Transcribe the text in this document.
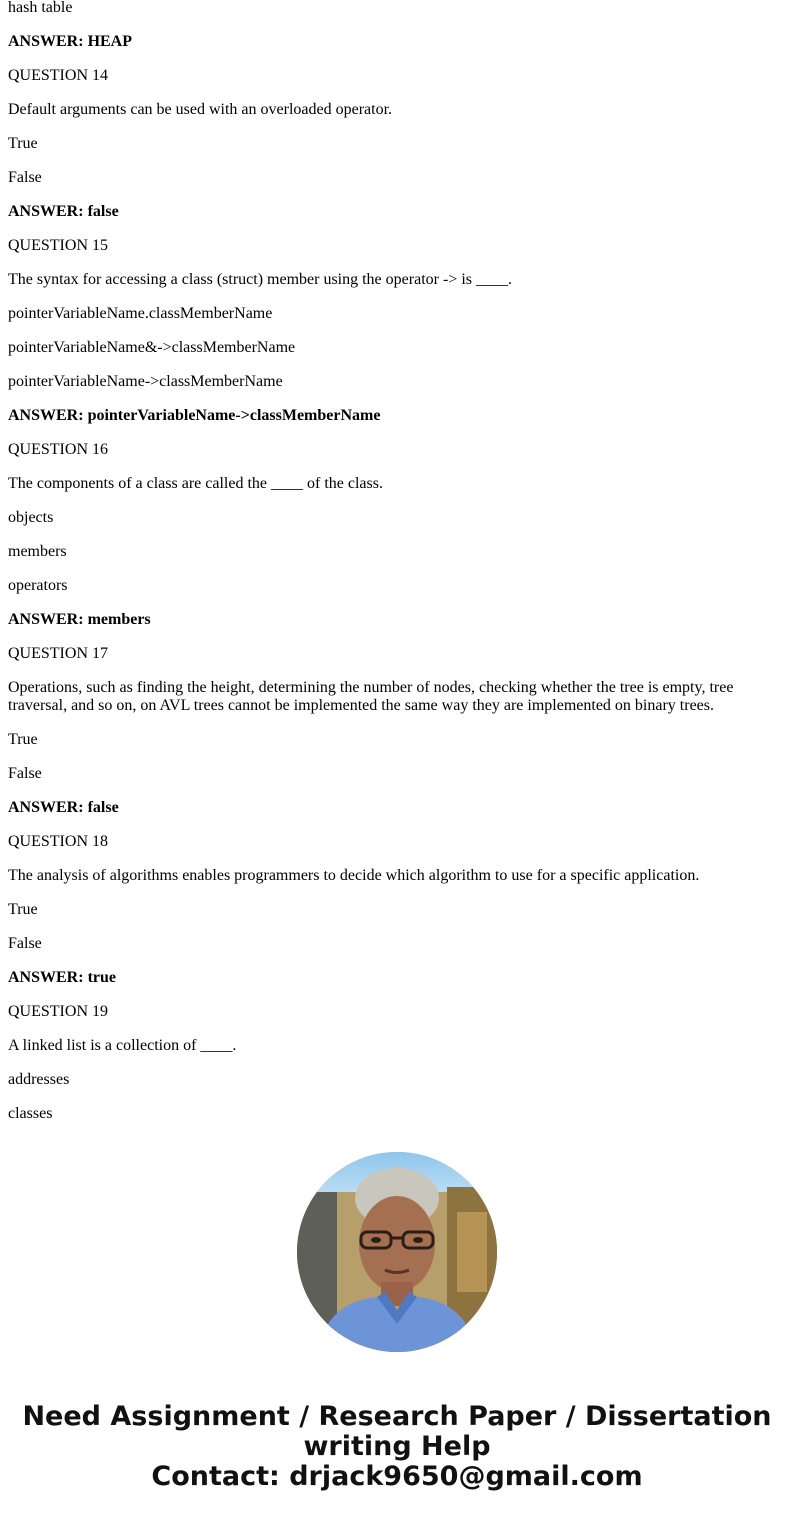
hash table

ANSWER: HEAP

QUESTION 14

Default arguments can be used with an overloaded operator.

True

False

ANSWER: false

QUESTION 15

The syntax for accessing a class (struct) member using the operator -> is ____.

pointerVariableName.classMemberName

pointerVariableName&->classMemberName

pointerVariableName->classMemberName

ANSWER: pointerVariableName->classMemberName

QUESTION 16

The components of a class are called the ____ of the class.

objects

members

operators

ANSWER: members

QUESTION 17

Operations, such as finding the height, determining the number of nodes, checking whether the tree is empty, tree traversal, and so on, on AVL trees cannot be implemented the same way they are implemented on binary trees.

True

False

ANSWER: false

QUESTION 18

The analysis of algorithms enables programmers to decide which algorithm to use for a specific application.

True

False

ANSWER: true

QUESTION 19

A linked list is a collection of ____.

addresses

classes

Need Assignment / Research Paper / Dissertation
writing Help
Contact: drjack9650@gmail.com
